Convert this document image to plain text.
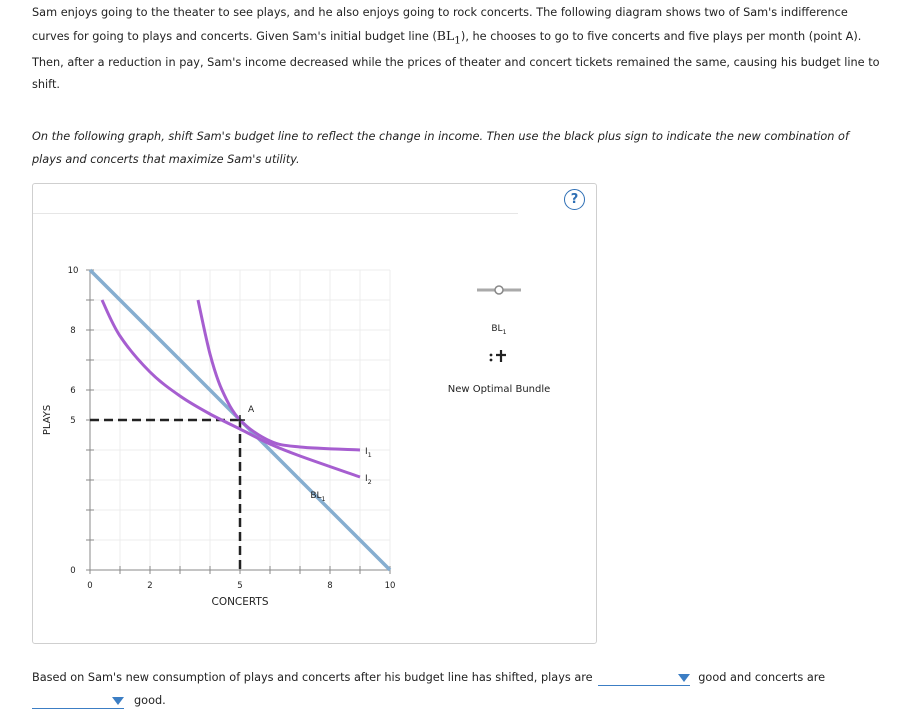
Sam enjoys going to the theater to see plays, and he also enjoys going to rock concerts. The following diagram shows two of Sam's indifference curves for going to plays and concerts. Given Sam's initial budget line $(BL_1)$, he chooses to go to five concerts and five plays per month (point A). Then, after a reduction in pay, Sam's income decreased while the prices of theater and concert tickets remained the same, causing his budget line to shift.

On the following graph, shift Sam's budget line to reflect the change in income. Then use the black plus sign to indicate the new combination of plays and concerts that maximize Sam's utility.

?
0	2	5	8	10
0
5
6
8
10
CONCERTS
PLAYS	A
$I_1$
$I_2$
$BL_1$
$BL_1$
New Optimal Bundle

Based on Sam's new consumption of plays and concerts after his budget line has shifted, plays are	good and concerts are

good.
